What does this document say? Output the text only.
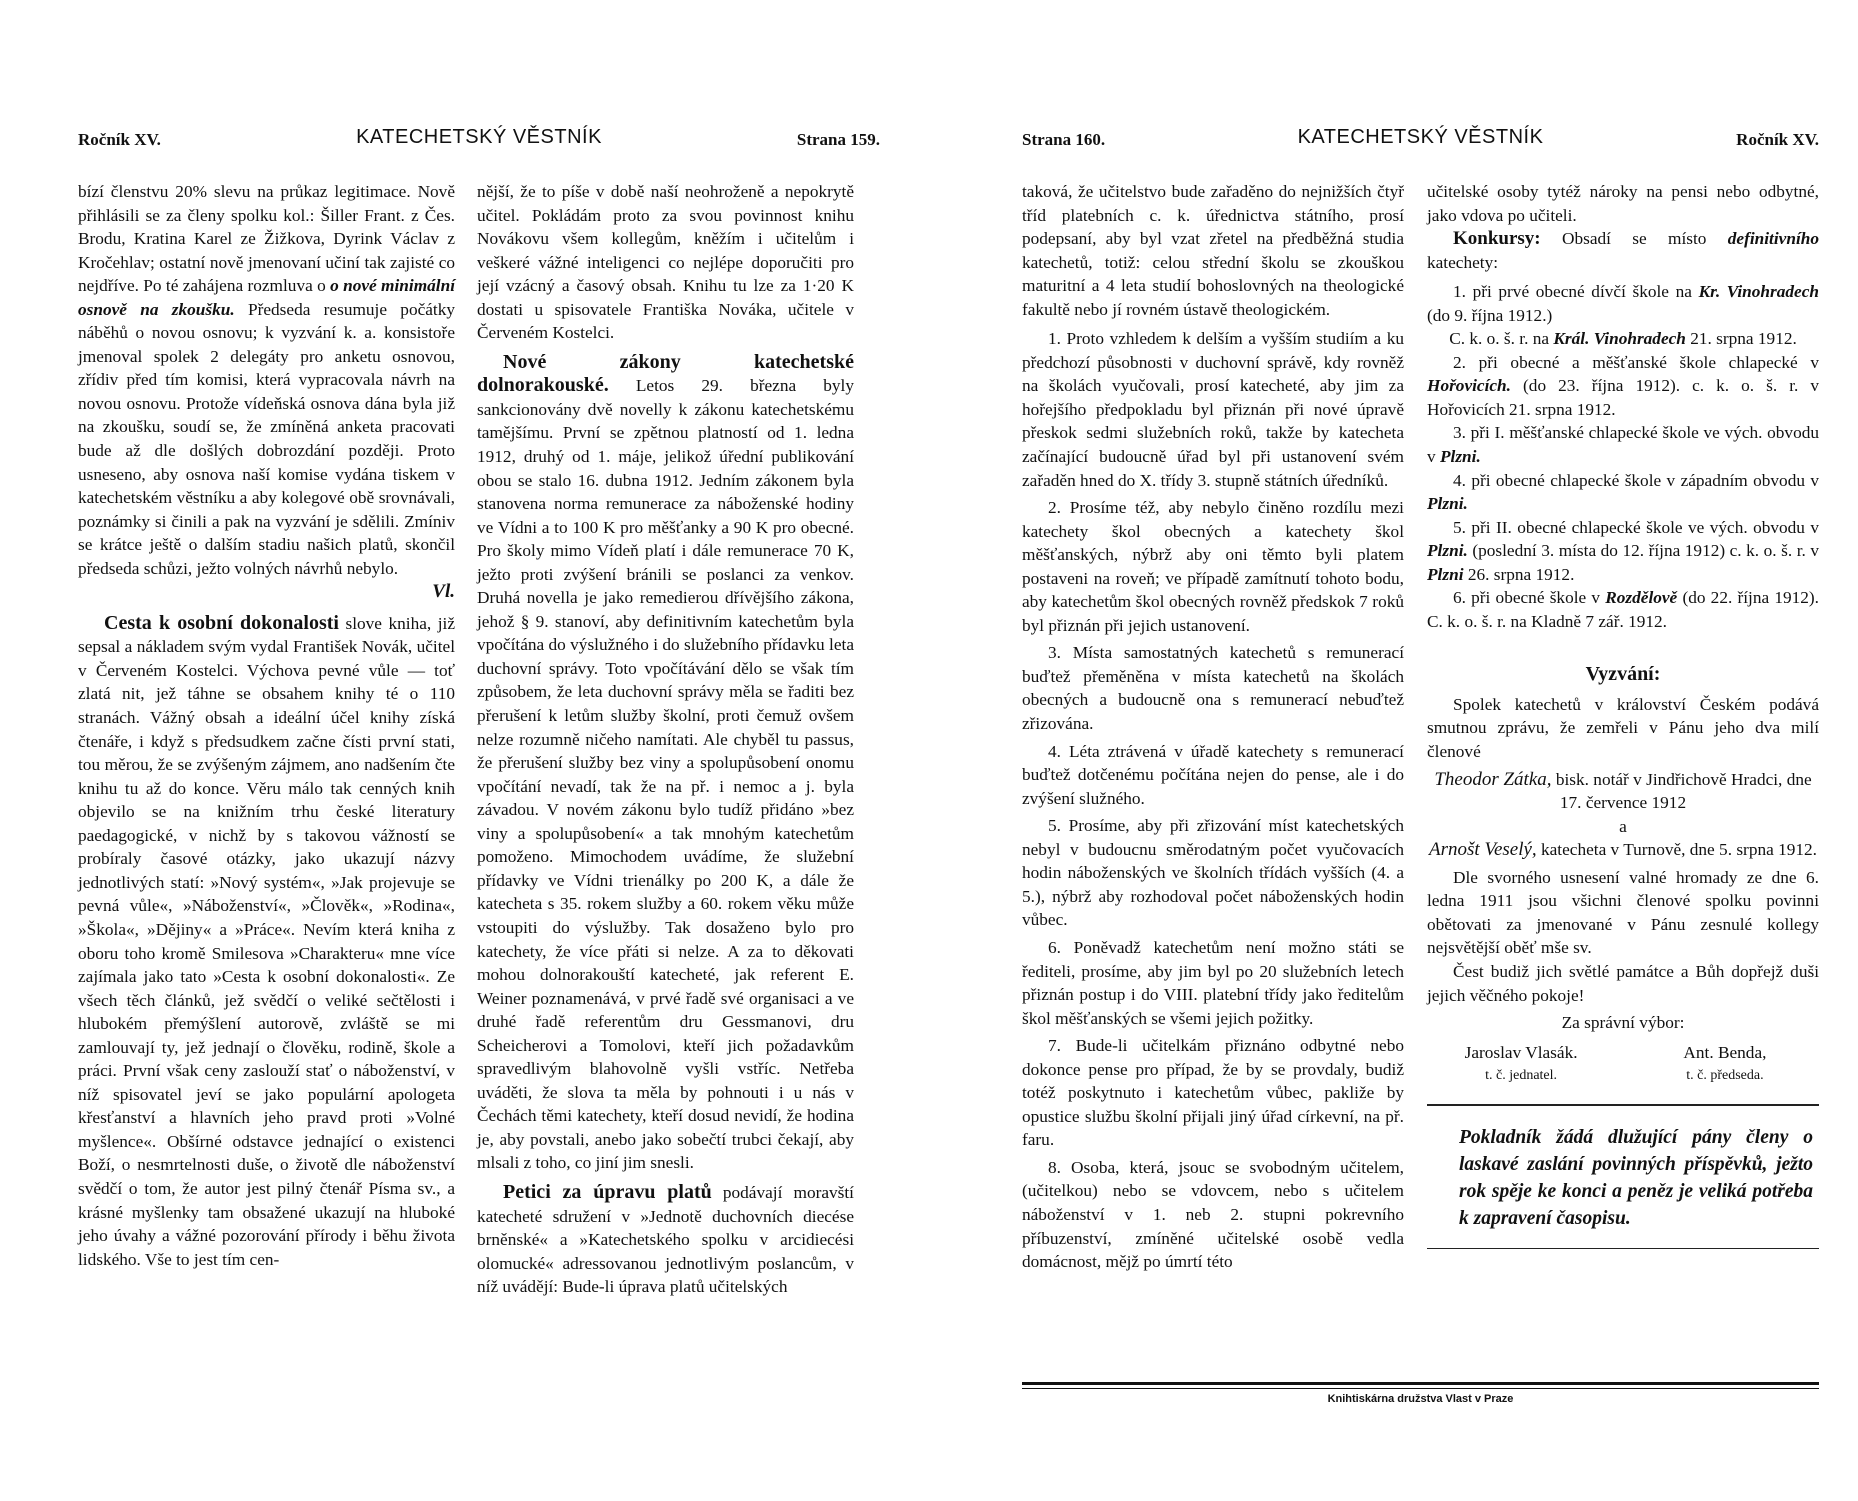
Ročník XV.	KATECHETSKÝ VĚSTNÍK	Strana 159.

bízí členstvu 20% slevu na průkaz legitimace. Nově přihlásili se za členy spolku kol.: Šiller Frant. z Čes. Brodu, Kratina Karel ze Žižkova, Dyrink Václav z Kročehlav; ostatní nově jmenovaní učiní tak zajisté co nejdříve. Po té zahájena rozmluva o o nové minimální osnově na zkoušku. Předseda resumuje počátky náběhů o novou osnovu; k vyzvání k. a. konsistoře jmenoval spolek 2 delegáty pro anketu osnovou, zřídiv před tím komisi, která vypracovala návrh na novou osnovu. Protože vídeňská osnova dána byla již na zkoušku, soudí se, že zmíněná anketa pracovati bude až dle došlých dobrozdání později. Proto usneseno, aby osnova naší komise vydána tiskem v katechetském věstníku a aby kolegové obě srovnávali, poznámky si činili a pak na vyzvání je sdělili. Zmíniv se krátce ještě o dalším stadiu našich platů, skončil předseda schůzi, ježto volných návrhů nebylo.

Vl.

Cesta k osobní dokonalosti slove kniha, již sepsal a nákladem svým vydal František Novák, učitel v Červeném Kostelci. Výchova pevné vůle — toť zlatá nit, jež táhne se obsahem knihy té o 110 stranách. Vážný obsah a ideální účel knihy získá čtenáře, i když s předsudkem začne čísti první stati, tou měrou, že se zvýšeným zájmem, ano nadšením čte knihu tu až do konce. Věru málo tak cenných knih objevilo se na knižním trhu české literatury paedagogické, v nichž by s takovou vážností se probíraly časové otázky, jako ukazují názvy jednotlivých statí: »Nový systém«, »Jak projevuje se pevná vůle«, »Náboženství«, »Člověk«, »Rodina«, »Škola«, »Dějiny« a »Práce«. Nevím která kniha z oboru toho kromě Smilesova »Charakteru« mne více zajímala jako tato »Cesta k osobní dokonalosti«. Ze všech těch článků, jež svědčí o veliké sečtělosti i hlubokém přemýšlení autorově, zvláště se mi zamlouvají ty, jež jednají o člověku, rodině, škole a práci. První však ceny zaslouží stať o náboženství, v níž spisovatel jeví se jako populární apologeta křesťanství a hlavních jeho pravd proti »Volné myšlence«. Obšírné odstavce jednající o existenci Boží, o nesmrtelnosti duše, o životě dle náboženství svědčí o tom, že autor jest pilný čtenář Písma sv., a krásné myšlenky tam obsažené ukazují na hluboké jeho úvahy a vážné pozorování přírody i běhu života lidského. Vše to jest tím cen-

nější, že to píše v době naší neohroženě a nepokrytě učitel. Pokládám proto za svou povinnost knihu Novákovu všem kollegům, kněžím i učitelům i veškeré vážné inteligenci co nejlépe doporučiti pro její vzácný a časový obsah. Knihu tu lze za 1·20 K dostati u spisovatele Františka Nováka, učitele v Červeném Kostelci.

Nové zákony katechetské dolnorakouské. Letos 29. března byly sankcionovány dvě novelly k zákonu katechetskému tamějšímu. První se zpětnou platností od 1. ledna 1912, druhý od 1. máje, jelikož úřední publikování obou se stalo 16. dubna 1912. Jedním zákonem byla stanovena norma remunerace za náboženské hodiny ve Vídni a to 100 K pro měšťanky a 90 K pro obecné. Pro školy mimo Vídeň platí i dále remunerace 70 K, ježto proti zvýšení bránili se poslanci za venkov. Druhá novella je jako remedierou dřívějšího zákona, jehož § 9. stanoví, aby definitivním katechetům byla vpočítána do výslužného i do služebního přídavku leta duchovní správy. Toto vpočítávání dělo se však tím způsobem, že leta duchovní správy měla se řaditi bez přerušení k letům služby školní, proti čemuž ovšem nelze rozumně ničeho namítati. Ale chyběl tu passus, že přerušení služby bez viny a spolupůsobení onomu vpočítání nevadí, tak že na př. i nemoc a j. byla závadou. V novém zákonu bylo tudíž přidáno »bez viny a spolupůsobení« a tak mnohým katechetům pomoženo. Mimochodem uvádíme, že služební přídavky ve Vídni trienálky po 200 K, a dále že katecheta s 35. rokem služby a 60. rokem věku může vstoupiti do výslužby. Tak dosaženo bylo pro katechety, že více přáti si nelze. A za to děkovati mohou dolnorakouští katecheté, jak referent E. Weiner poznamenává, v prvé řadě své organisaci a ve druhé řadě referentům dru Gessmanovi, dru Scheicherovi a Tomolovi, kteří jich požadavkům spravedlivým blahovolně vyšli vstříc. Netřeba uváděti, že slova ta měla by pohnouti i u nás v Čechách těmi katechety, kteří dosud nevidí, že hodina je, aby povstali, anebo jako sobečtí trubci čekají, aby mlsali z toho, co jiní jim snesli.

Petici za úpravu platů podávají moravští katecheté sdružení v »Jednotě duchovních diecése brněnské« a »Katechetského spolku v arcidiecési olomucké« adressovanou jednotlivým poslancům, v níž uvádějí: Bude-li úprava platů učitelských

Strana 160.	KATECHETSKÝ VĚSTNÍK	Ročník XV.

taková, že učitelstvo bude zařaděno do nejnižších čtyř tříd platebních c. k. úřednictva státního, prosí podepsaní, aby byl vzat zřetel na předběžná studia katechetů, totiž: celou střední školu se zkouškou maturitní a 4 leta studií bohoslovných na theologické fakultě nebo jí rovném ústavě theologickém.

1. Proto vzhledem k delším a vyšším studiím a ku předchozí působnosti v duchovní správě, kdy rovněž na školách vyučovali, prosí katecheté, aby jim za hořejšího předpokladu byl přiznán při nové úpravě přeskok sedmi služebních roků, takže by katecheta začínající budoucně úřad byl při ustanovení svém zařaděn hned do X. třídy 3. stupně státních úředníků.

2. Prosíme též, aby nebylo činěno rozdílu mezi katechety škol obecných a katechety škol měšťanských, nýbrž aby oni těmto byli platem postaveni na roveň; ve případě zamítnutí tohoto bodu, aby katechetům škol obecných rovněž předskok 7 roků byl přiznán při jejich ustanovení.

3. Místa samostatných katechetů s remunerací buďtež přeměněna v místa katechetů na školách obecných a budoucně ona s remunerací nebuďtež zřizována.

4. Léta ztrávená v úřadě katechety s remunerací buďtež dotčenému počítána nejen do pense, ale i do zvýšení služného.

5. Prosíme, aby při zřizování míst katechetských nebyl v budoucnu směrodatným počet vyučovacích hodin náboženských ve školních třídách vyšších (4. a 5.), nýbrž aby rozhodoval počet náboženských hodin vůbec.

6. Poněvadž katechetům není možno státi se řediteli, prosíme, aby jim byl po 20 služebních letech přiznán postup i do VIII. platební třídy jako ředitelům škol měšťanských se všemi jejich požitky.

7. Bude-li učitelkám přiznáno odbytné nebo dokonce pense pro případ, že by se provdaly, budiž totéž poskytnuto i katechetům vůbec, pakliže by opustice službu školní přijali jiný úřad církevní, na př. faru.

8. Osoba, která, jsouc se svobodným učitelem, (učitelkou) nebo se vdovcem, nebo s učitelem náboženství v 1. neb 2. stupni pokrevního příbuzenství, zmíněné učitelské osobě vedla domácnost, mějž po úmrtí této

učitelské osoby tytéž nároky na pensi nebo odbytné, jako vdova po učiteli.

Konkursy: Obsadí se místo definitivního katechety:

1. při prvé obecné dívčí škole na Kr. Vinohradech (do 9. října 1912.)

C. k. o. š. r. na Král. Vinohradech 21. srpna 1912.

2. při obecné a měšťanské škole chlapecké v Hořovicích. (do 23. října 1912). c. k. o. š. r. v Hořovicích 21. srpna 1912.

3. při I. měšťanské chlapecké škole ve vých. obvodu v Plzni.

4. při obecné chlapecké škole v západním obvodu v Plzni.

5. při II. obecné chlapecké škole ve vých. obvodu v Plzni. (poslední 3. místa do 12. října 1912) c. k. o. š. r. v Plzni 26. srpna 1912.

6. při obecné škole v Rozdělově (do 22. října 1912). C. k. o. š. r. na Kladně 7 zář. 1912.

Vyzvání:

Spolek katechetů v království Českém podává smutnou zprávu, že zemřeli v Pánu jeho dva milí členové

Theodor Zátka, bisk. notář v Jindřichově Hradci, dne 17. července 1912

a

Arnošt Veselý, katecheta v Turnově, dne 5. srpna 1912.

Dle svorného usnesení valné hromady ze dne 6. ledna 1911 jsou všichni členové spolku povinni obětovati za jmenované v Pánu zesnulé kollegy nejsvětější oběť mše sv.

Čest budiž jich světlé památce a Bůh dopřejž duši jejich věčného pokoje!

Za správní výbor:

Jaroslav Vlasák.
t. č. jednatel.
Ant. Benda,
t. č. předseda.
Pokladník žádá dlužující pány členy o laskavé zaslání povinných příspěvků, ježto rok spěje ke konci a peněz je veliká potřeba k zapravení časopisu.
Knihtiskárna družstva Vlast v Praze
